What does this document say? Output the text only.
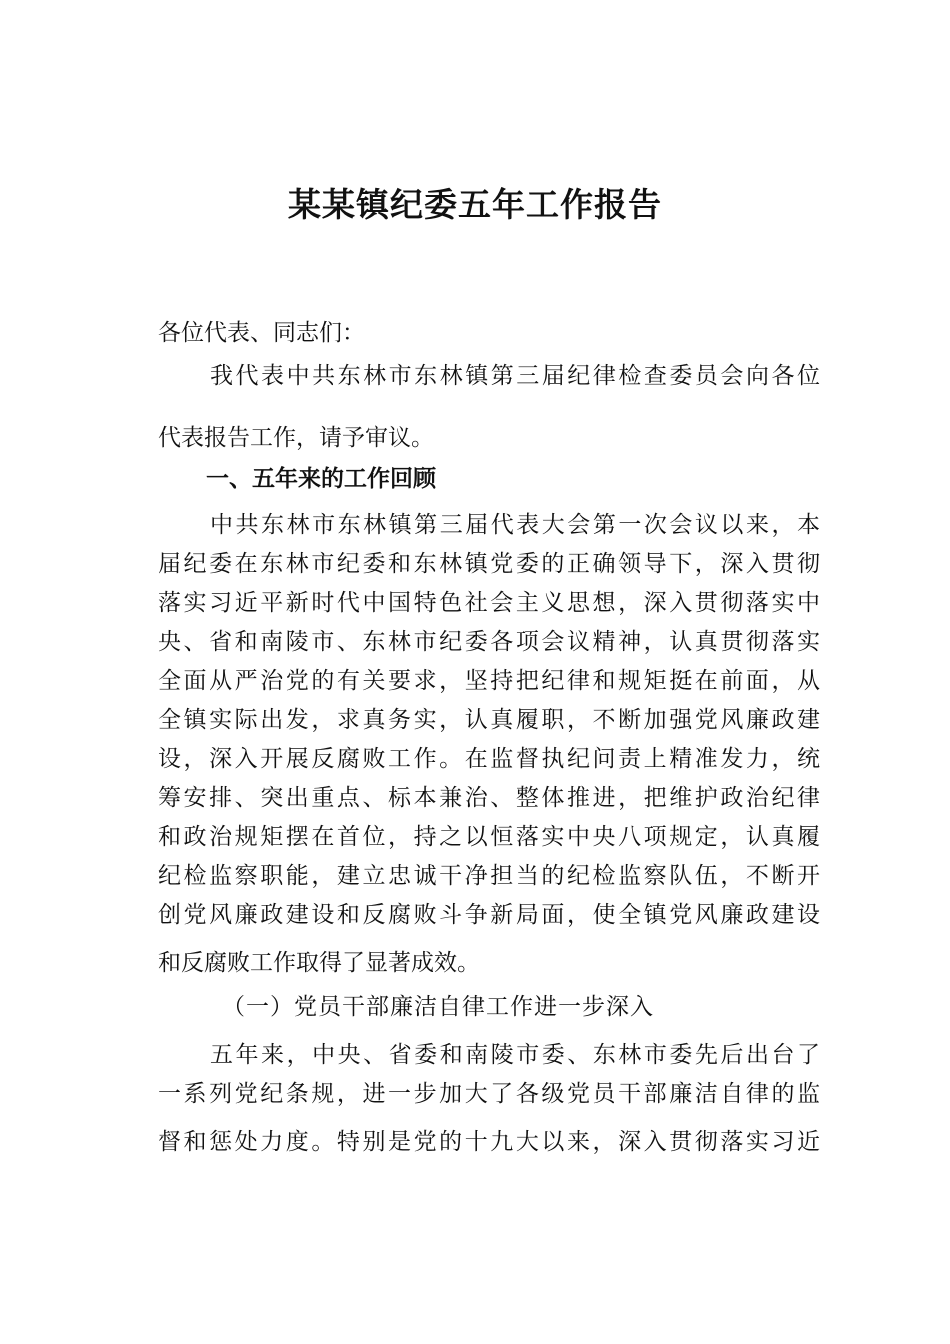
某某镇纪委五年工作报告

各位代表、同志们：

我代表中共东林市东林镇第三届纪律检查委员会向各位

代表报告工作，请予审议。

一、五年来的工作回顾

中共东林市东林镇第三届代表大会第一次会议以来，本

届纪委在东林市纪委和东林镇党委的正确领导下，深入贯彻

落实习近平新时代中国特色社会主义思想，深入贯彻落实中

央、省和南陵市、东林市纪委各项会议精神，认真贯彻落实

全面从严治党的有关要求，坚持把纪律和规矩挺在前面，从

全镇实际出发，求真务实，认真履职，不断加强党风廉政建

设，深入开展反腐败工作。在监督执纪问责上精准发力，统

筹安排、突出重点、标本兼治、整体推进，把维护政治纪律

和政治规矩摆在首位，持之以恒落实中央八项规定，认真履

纪检监察职能，建立忠诚干净担当的纪检监察队伍，不断开

创党风廉政建设和反腐败斗争新局面，使全镇党风廉政建设

和反腐败工作取得了显著成效。

（一）党员干部廉洁自律工作进一步深入

五年来，中央、省委和南陵市委、东林市委先后出台了

一系列党纪条规，进一步加大了各级党员干部廉洁自律的监

督和惩处力度。特别是党的十九大以来，深入贯彻落实习近
